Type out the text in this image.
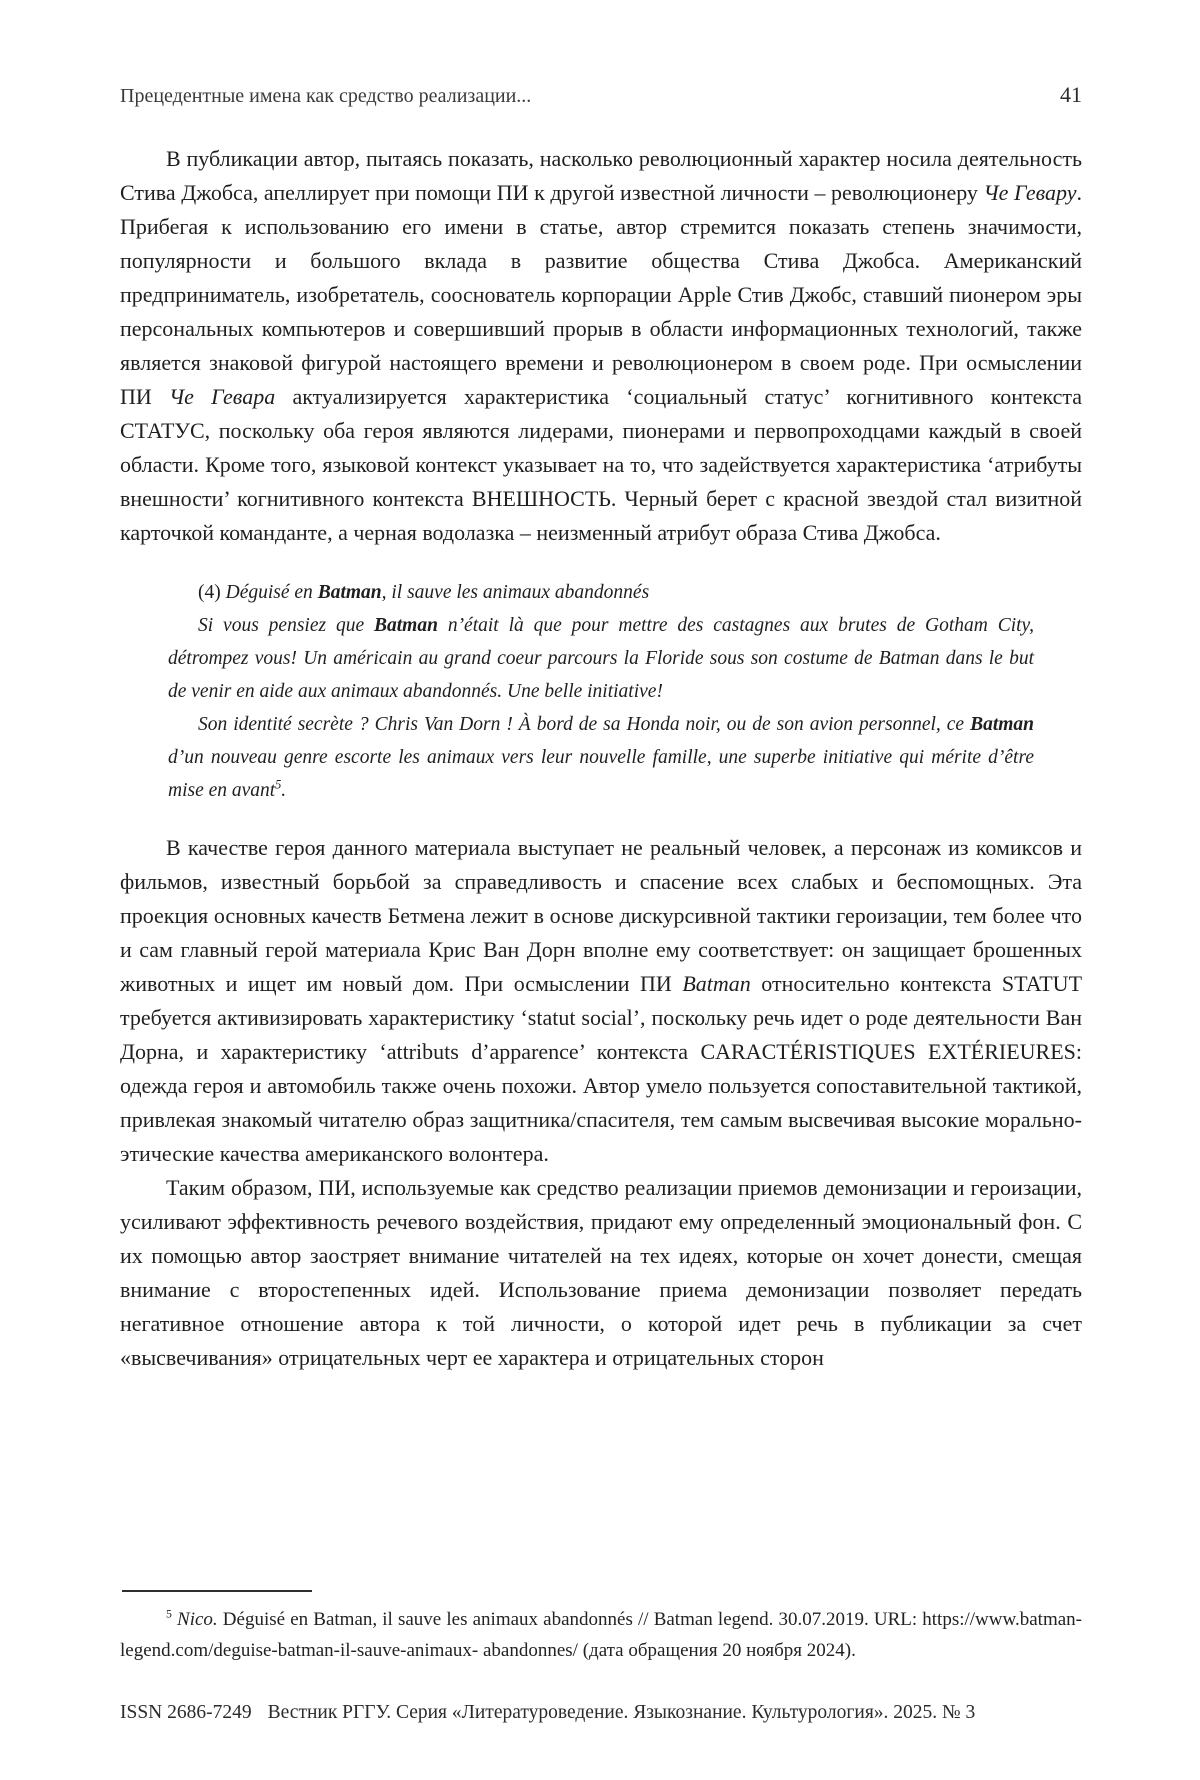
Прецедентные имена как средство реализации...	41

В публикации автор, пытаясь показать, насколько революционный характер носила деятельность Стива Джобса, апеллирует при помощи ПИ к другой известной личности – революционеру Че Гевару. Прибегая к использованию его имени в статье, автор стремится показать степень значимости, популярности и большого вклада в развитие общества Стива Джобса. Американский предприниматель, изобретатель, сооснователь корпорации Apple Стив Джобс, ставший пионером эры персональных компьютеров и совершивший прорыв в области информационных технологий, также является знаковой фигурой настоящего времени и революционером в своем роде. При осмыслении ПИ Че Гевара актуализируется характеристика ‘социальный статус’ когнитивного контекста СТАТУС, поскольку оба героя являются лидерами, пионерами и первопроходцами каждый в своей области. Кроме того, языковой контекст указывает на то, что задействуется характеристика ‘атрибуты внешности’ когнитивного контекста ВНЕШНОСТЬ. Черный берет с красной звездой стал визитной карточкой команданте, а черная водолазка – неизменный атрибут образа Стива Джобса.

(4) Déguisé en Batman, il sauve les animaux abandonnés

Si vous pensiez que Batman n’était là que pour mettre des castagnes aux brutes de Gotham City, détrompez vous! Un américain au grand coeur parcours la Floride sous son costume de Batman dans le but de venir en aide aux animaux abandonnés. Une belle initiative!

Son identité secrète ? Chris Van Dorn ! À bord de sa Honda noir, ou de son avion personnel, ce Batman d’un nouveau genre escorte les animaux vers leur nouvelle famille, une superbe initiative qui mérite d’être mise en avant$^5$.

В качестве героя данного материала выступает не реальный человек, а персонаж из комиксов и фильмов, известный борьбой за справедливость и спасение всех слабых и беспомощных. Эта проекция основных качеств Бетмена лежит в основе дискурсивной тактики героизации, тем более что и сам главный герой материала Крис Ван Дорн вполне ему соответствует: он защищает брошенных животных и ищет им новый дом. При осмыслении ПИ Batman относительно контекста STATUT требуется активизировать характеристику ‘statut social’, поскольку речь идет о роде деятельности Ван Дорна, и характеристику ‘attributs d’apparence’ контекста CARACTÉRISTIQUES EXTÉRIEURES: одежда героя и автомобиль также очень похожи. Автор умело пользуется сопоставительной тактикой, привлекая знакомый читателю образ защитника/спасителя, тем самым высвечивая высокие морально-этические качества американского волонтера.

Таким образом, ПИ, используемые как средство реализации приемов демонизации и героизации, усиливают эффективность речевого воздействия, придают ему определенный эмоциональный фон. С их помощью автор заостряет внимание читателей на тех идеях, которые он хочет донести, смещая внимание с второстепенных идей. Использование приема демонизации позволяет передать негативное отношение автора к той личности, о которой идет речь в публикации за счет «высвечивания» отрицательных черт ее характера и отрицательных сторон

$^5$ Nico. Déguisé en Batman, il sauve les animaux abandonnés // Batman legend. 30.07.2019. URL: https://www.batman-legend.com/deguise-batman-il-sauve-animaux- abandonnes/ (дата обращения 20 ноября 2024).

ISSN 2686-7249 Вестник РГГУ. Серия «Литературоведение. Языкознание. Культурология». 2025. № 3
